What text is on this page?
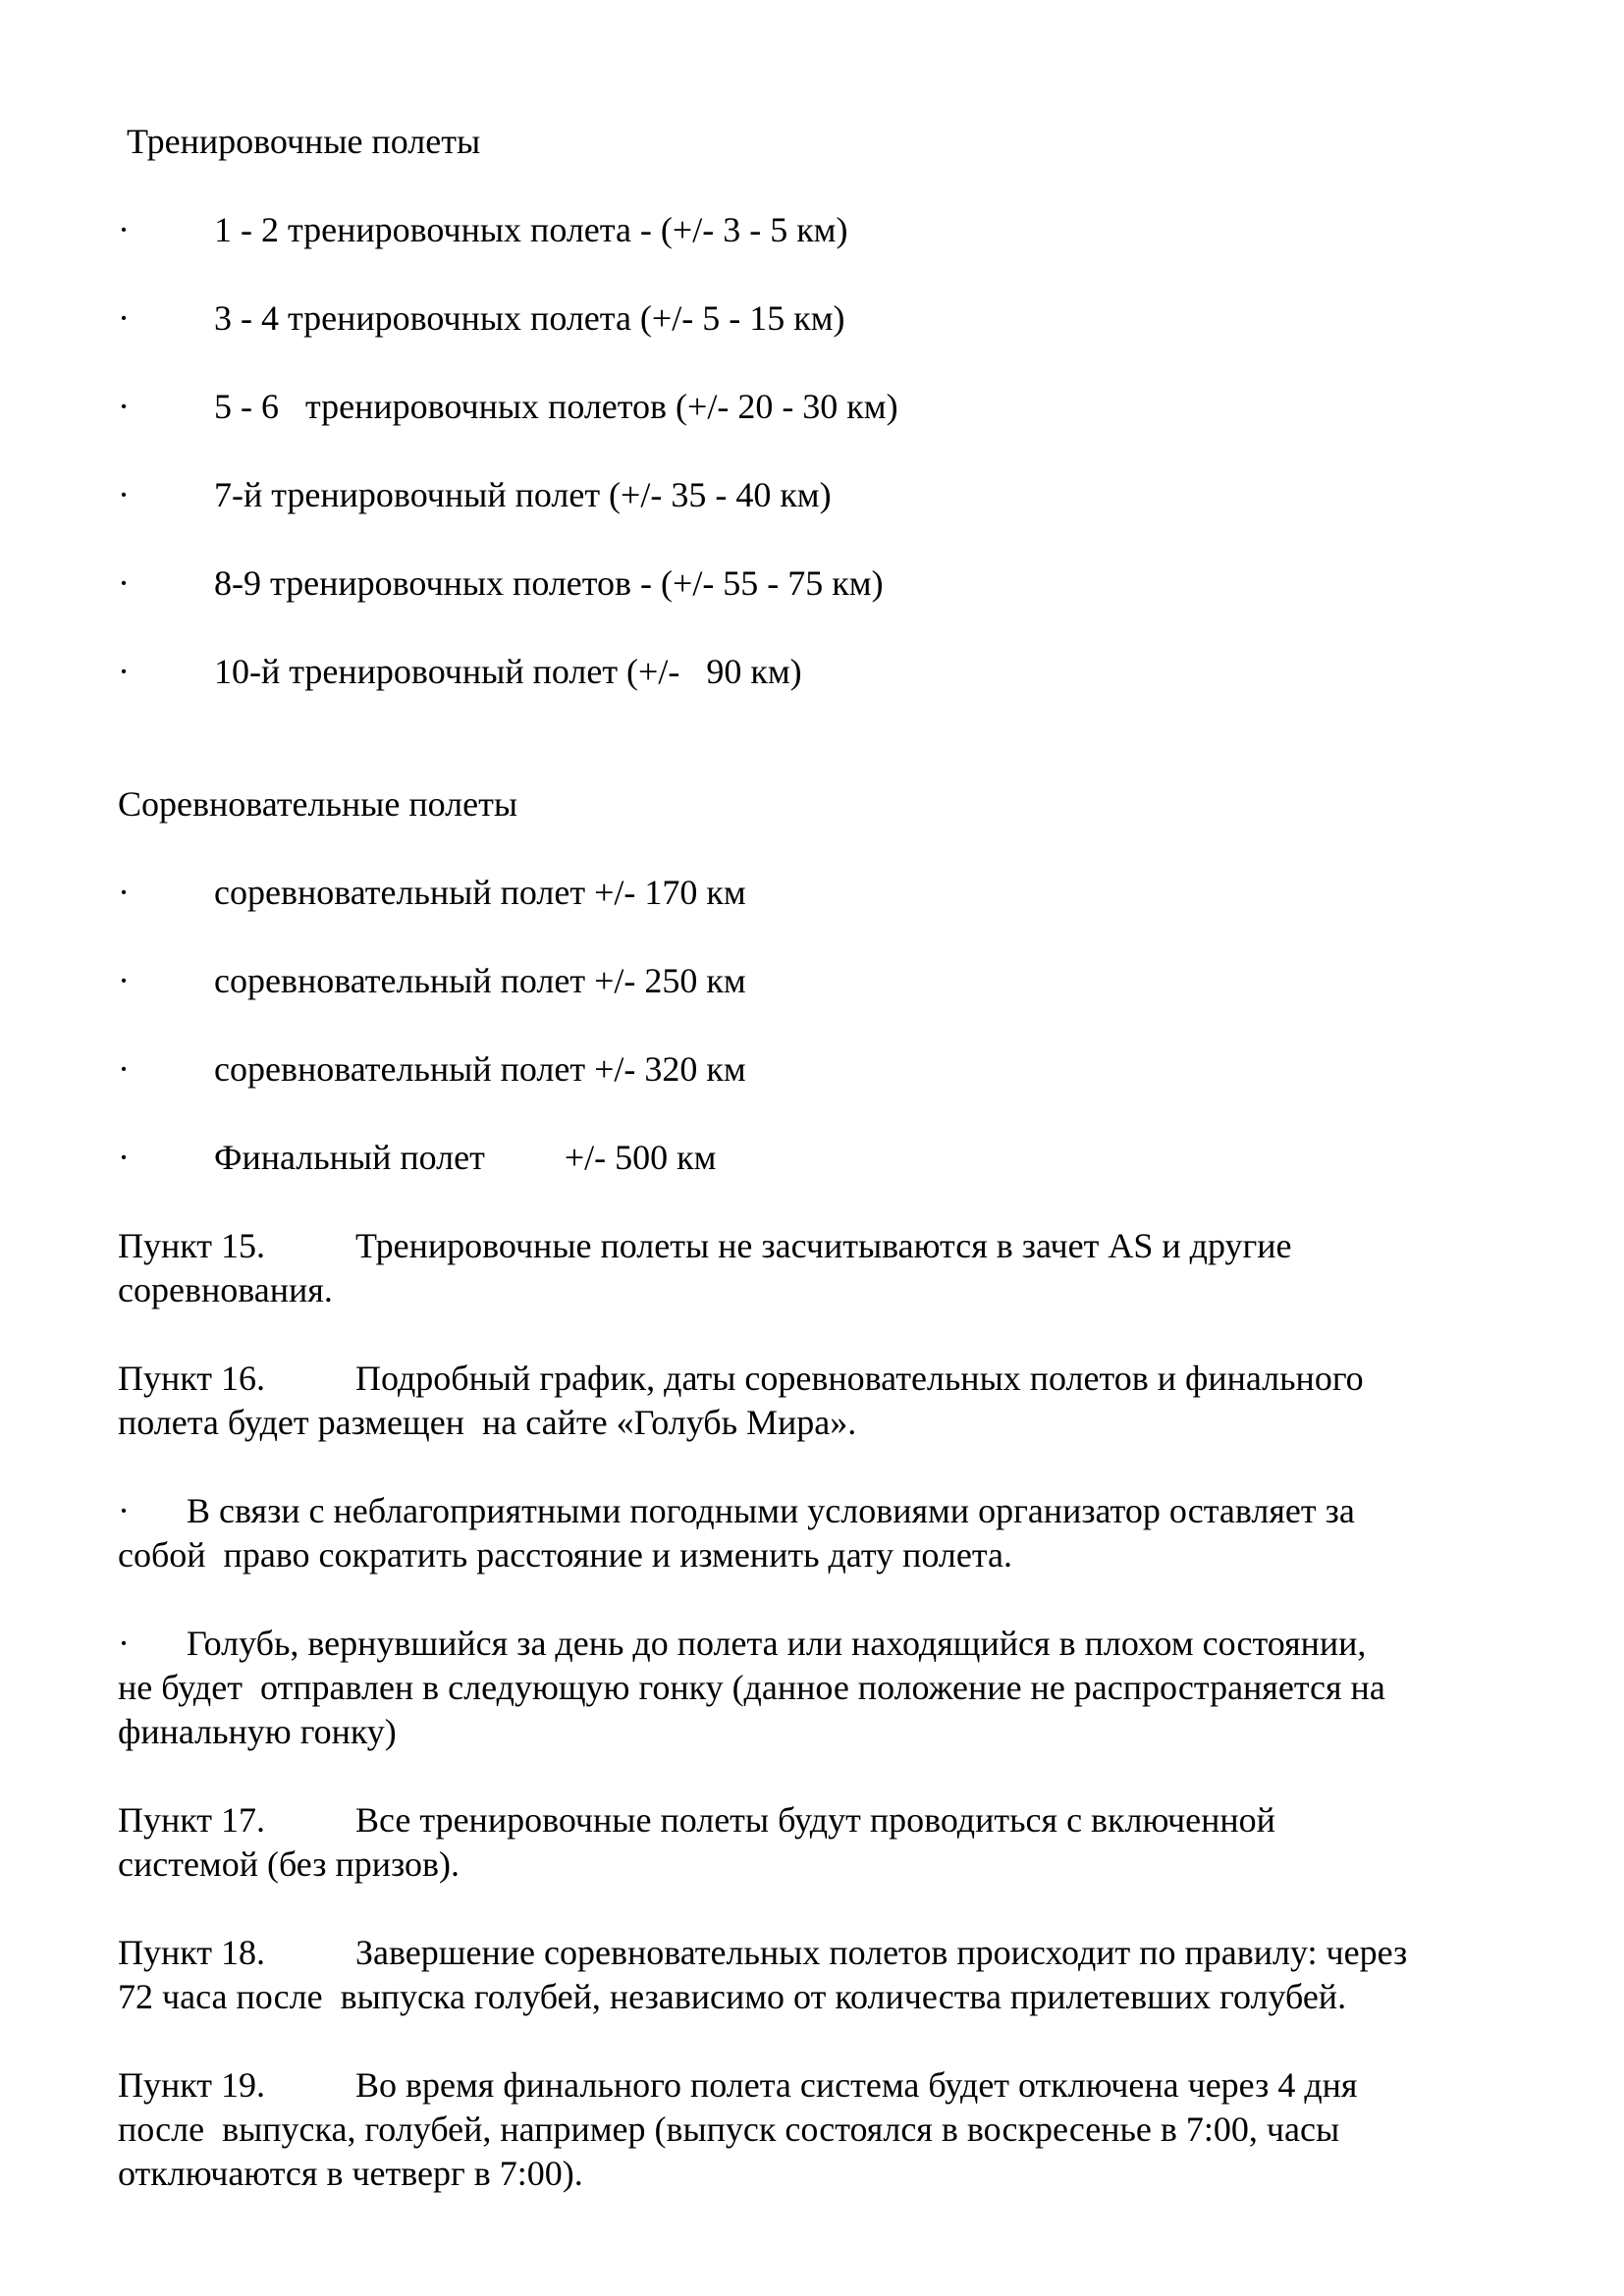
Тренировочные полеты
· 1 - 2 тренировочных полета - (+/- 3 - 5 км)
· 3 - 4 тренировочных полета (+/- 5 - 15 км)
· 5 - 6   тренировочных полетов (+/- 20 - 30 км)
· 7-й тренировочный полет (+/- 35 - 40 км)
· 8-9 тренировочных полетов - (+/- 55 - 75 км)
· 10-й тренировочный полет (+/-   90 км)
Соревновательные полеты
· соревновательный полет +/- 170 км
· соревновательный полет +/- 250 км
· соревновательный полет +/- 320 км
· Финальный полет         +/- 500 км

Пункт 15.	Тренировочные полеты не засчитываются в зачет AS и другие

соревнования.

Пункт 16.	Подробный график, даты соревновательных полетов и финального

полета будет размещен  на сайте «Голубь Мира».

· В связи с неблагоприятными погодными условиями организатор оставляет за

собой  право сократить расстояние и изменить дату полета.

· Голубь, вернувшийся за день до полета или находящийся в плохом состоянии,

не будет  отправлен в следующую гонку (данное положение не распространяется на

финальную гонку)

Пункт 17.	Все тренировочные полеты будут проводиться с включенной

системой (без призов).

Пункт 18.	Завершение соревновательных полетов происходит по правилу: через

72 часа после  выпуска голубей, независимо от количества прилетевших голубей.

Пункт 19.	Во время финального полета система будет отключена через 4 дня

после  выпуска, голубей, например (выпуск состоялся в воскресенье в 7:00, часы

отключаются в четверг в 7:00).
